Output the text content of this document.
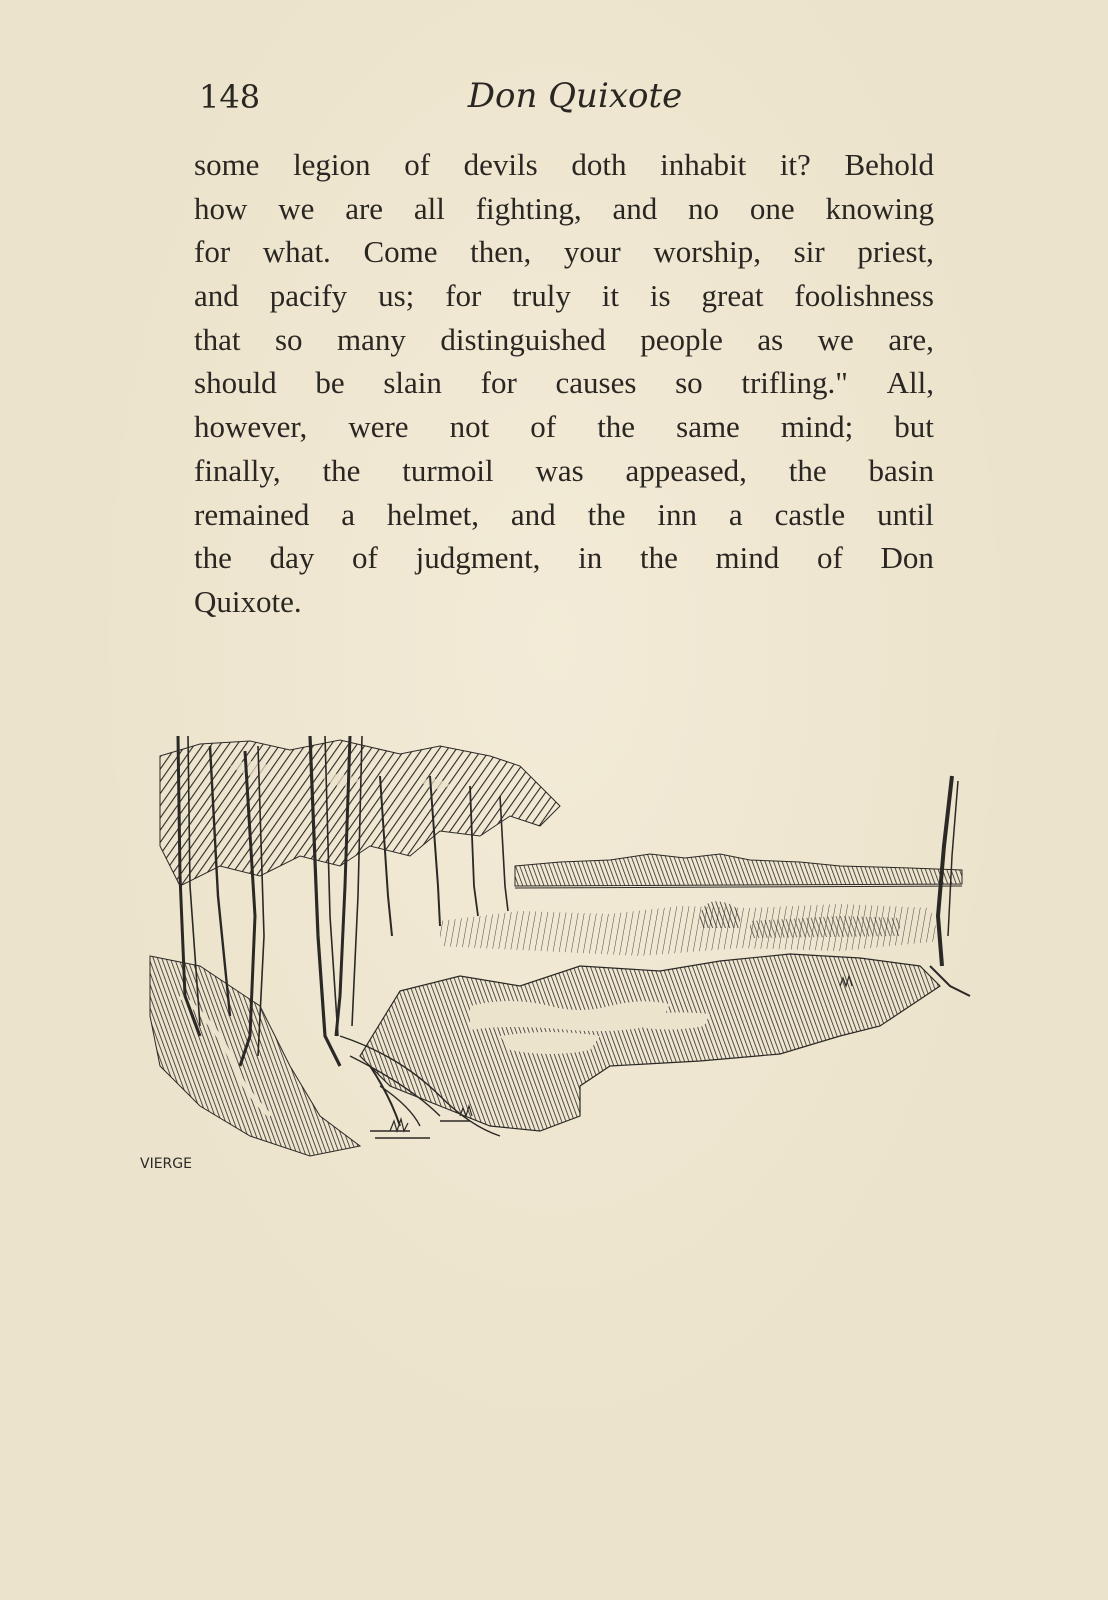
148	Don Quixote
some legion of devils doth inhabit it? Behold
how we are all fighting, and no one knowing
for what. Come then, your worship, sir priest,
and pacify us; for truly it is great foolishness
that so many distinguished people as we are,
should be slain for causes so trifling." All,
however, were not of the same mind; but
finally, the turmoil was appeased, the basin
remained a helmet, and the inn a castle until
the day of judgment, in the mind of Don
Quixote.
VIERGE
